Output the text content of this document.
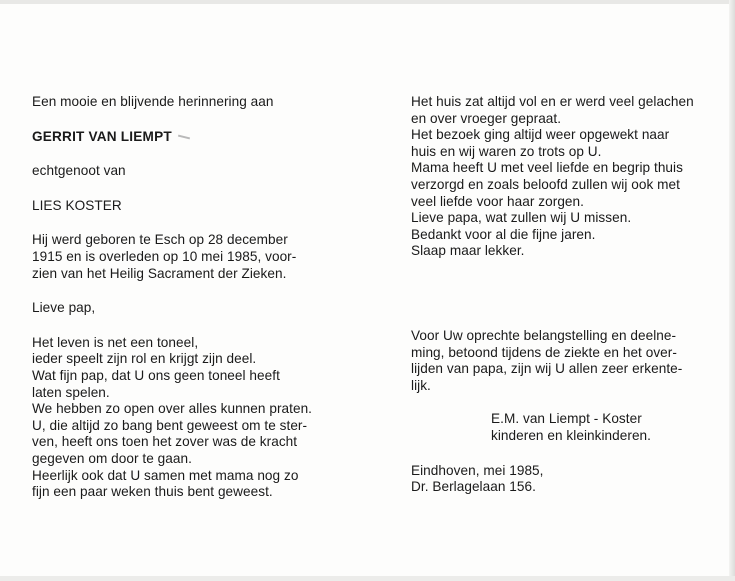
Een mooie en blijvende herinnering aan

GERRIT VAN LIEMPT

echtgenoot van

LIES KOSTER

Hij werd geboren te Esch op 28 december

1915 en is overleden op 10 mei 1985, voor-

zien van het Heilig Sacrament der Zieken.

Lieve pap,

Het leven is net een toneel,

ieder speelt zijn rol en krijgt zijn deel.

Wat fijn pap, dat U ons geen toneel heeft

laten spelen.

We hebben zo open over alles kunnen praten.

U, die altijd zo bang bent geweest om te ster-

ven, heeft ons toen het zover was de kracht

gegeven om door te gaan.

Heerlijk ook dat U samen met mama nog zo

fijn een paar weken thuis bent geweest.

Het huis zat altijd vol en er werd veel gelachen

en over vroeger gepraat.

Het bezoek ging altijd weer opgewekt naar

huis en wij waren zo trots op U.

Mama heeft U met veel liefde en begrip thuis

verzorgd en zoals beloofd zullen wij ook met

veel liefde voor haar zorgen.

Lieve papa, wat zullen wij U missen.

Bedankt voor al die fijne jaren.

Slaap maar lekker.

Voor Uw oprechte belangstelling en deelne-

ming, betoond tijdens de ziekte en het over-

lijden van papa, zijn wij U allen zeer erkente-

lijk.

E.M. van Liempt - Koster

kinderen en kleinkinderen.

Eindhoven, mei 1985,

Dr. Berlagelaan 156.
